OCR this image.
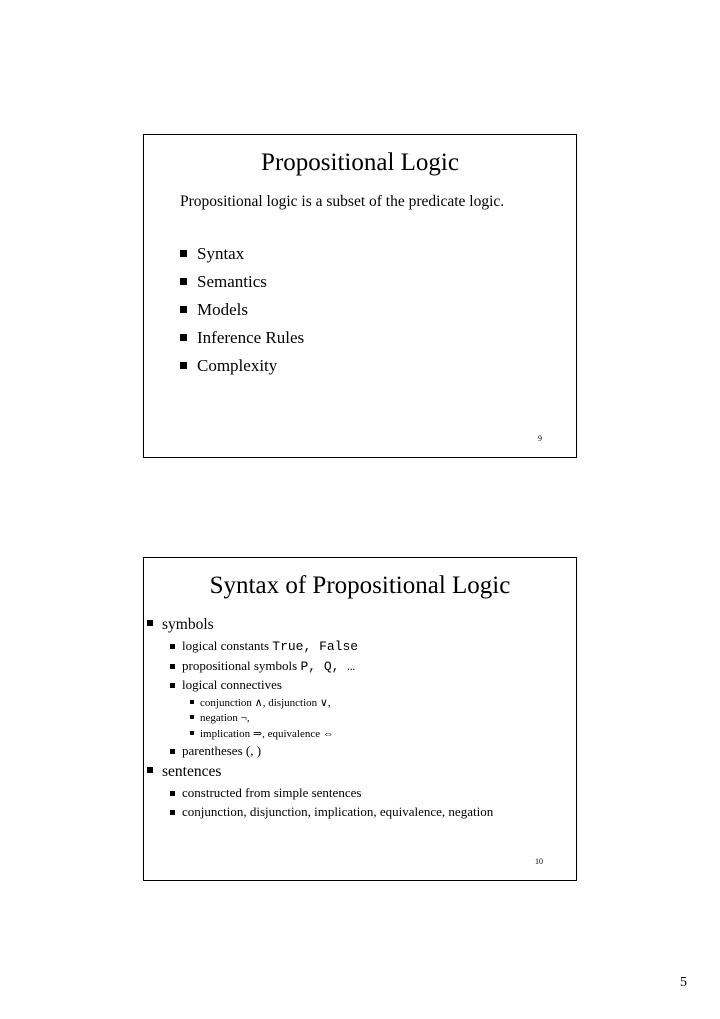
Propositional Logic
Propositional logic is a subset of the predicate logic.
Syntax
Semantics
Models
Inference Rules
Complexity
9
Syntax of Propositional Logic
symbols
logical constants True, False
propositional symbols P, Q, …
logical connectives
conjunction ∧, disjunction ∨,
negation ¬,
implication ⇒, equivalence ⇔
parentheses (, )
sentences
constructed from simple sentences
conjunction, disjunction, implication, equivalence, negation
10
5
